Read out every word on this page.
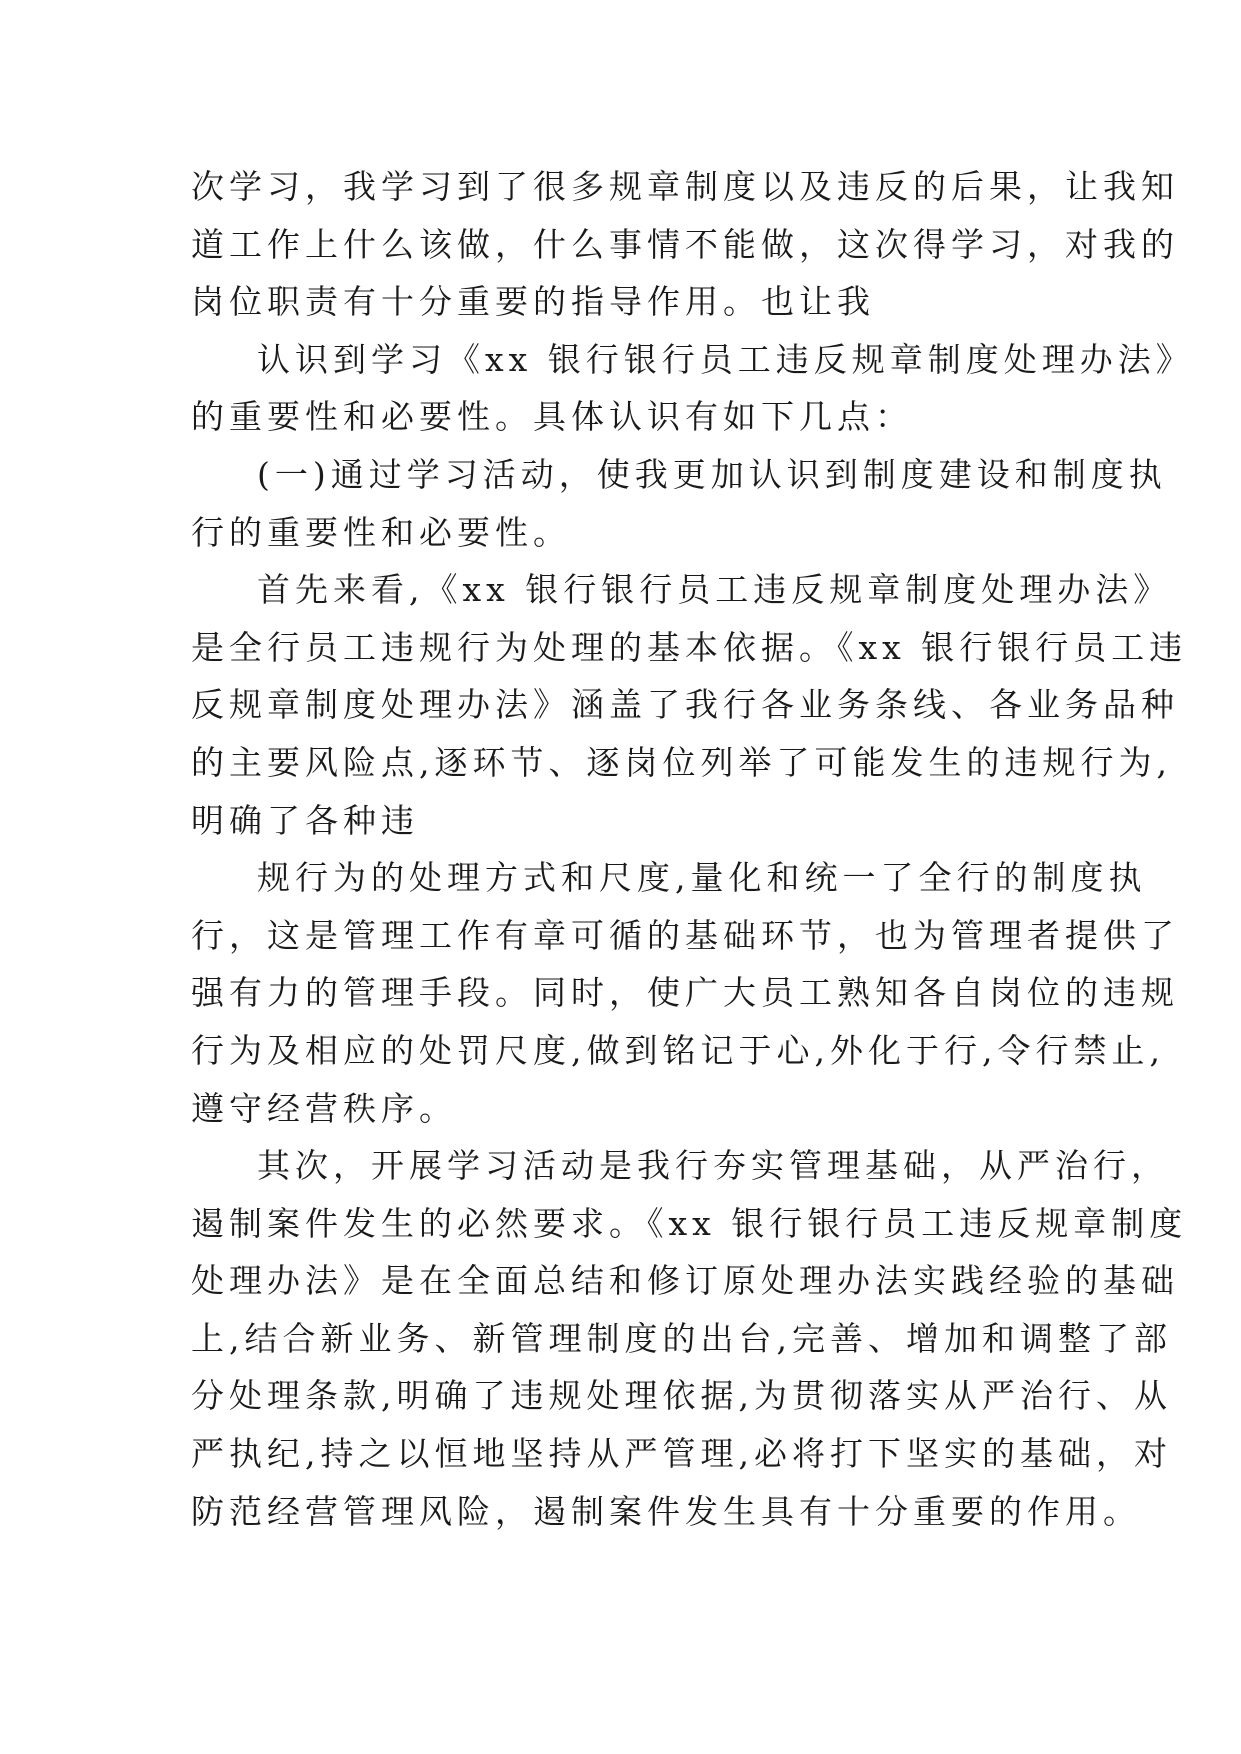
次学习，我学习到了很多规章制度以及违反的后果，让我知
道工作上什么该做，什么事情不能做，这次得学习，对我的
岗位职责有十分重要的指导作用。也让我
认识到学习《xx 银行银行员工违反规章制度处理办法》
的重要性和必要性。具体认识有如下几点：
(一)通过学习活动，使我更加认识到制度建设和制度执
行的重要性和必要性。
首先来看,《xx 银行银行员工违反规章制度处理办法》
是全行员工违规行为处理的基本依据。《xx 银行银行员工违
反规章制度处理办法》涵盖了我行各业务条线、各业务品种
的主要风险点,逐环节、逐岗位列举了可能发生的违规行为,
明确了各种违
规行为的处理方式和尺度,量化和统一了全行的制度执
行，这是管理工作有章可循的基础环节，也为管理者提供了
强有力的管理手段。同时，使广大员工熟知各自岗位的违规
行为及相应的处罚尺度,做到铭记于心,外化于行,令行禁止,
遵守经营秩序。
其次，开展学习活动是我行夯实管理基础，从严治行，
遏制案件发生的必然要求。《xx 银行银行员工违反规章制度
处理办法》是在全面总结和修订原处理办法实践经验的基础
上,结合新业务、新管理制度的出台,完善、增加和调整了部
分处理条款,明确了违规处理依据,为贯彻落实从严治行、从
严执纪,持之以恒地坚持从严管理,必将打下坚实的基础，对
防范经营管理风险，遏制案件发生具有十分重要的作用。
